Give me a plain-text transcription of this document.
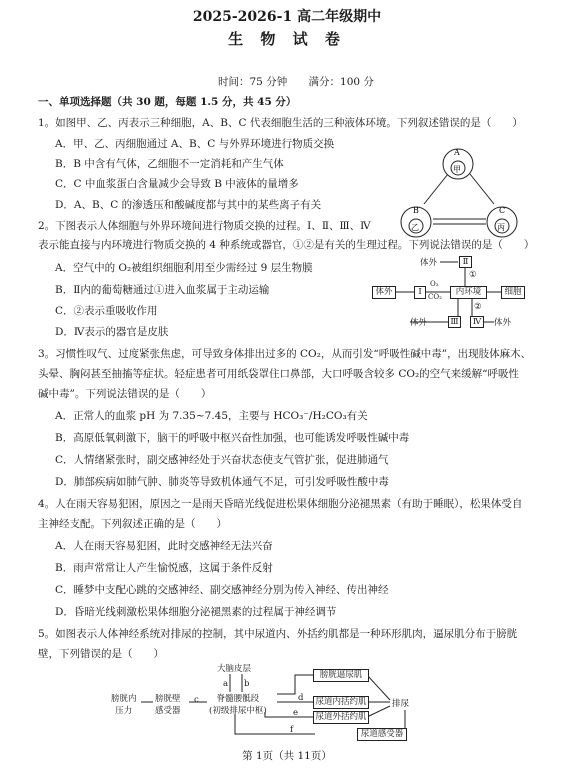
2025-2026-1 高二年级期中
生 物 试 卷
时间：75 分钟 满分：100 分
一、单项选择题（共 30 题，每题 1.5 分，共 45 分）
1。如图甲、乙、丙表示三种细胞，A、B、C 代表细胞生活的三种液体环境。下列叙述错误的是（　　）
A．甲、乙、丙细胞通过 A、B、C 与外界环境进行物质交换
B．B 中含有气体，乙细胞不一定消耗和产生气体
C．C 中血浆蛋白含量减少会导致 B 中液体的量增多
D．A、B、C 的渗透压和酸碱度都与其中的某些离子有关
A
甲
B
乙
C
丙
2。下图表示人体细胞与外界环境间进行物质交换的过程。Ⅰ、Ⅱ、Ⅲ、Ⅳ
表示能直接与内环境进行物质交换的 4 种系统或器官，①②是有关的生理过程。下列说法错误的是（　　）
A．空气中的 O₂被组织细胞利用至少需经过 9 层生物膜
B．Ⅱ内的葡萄糖通过①进入血浆属于主动运输
C．②表示重吸收作用
D．Ⅳ表示的器官是皮肤
体外	Ⅱ
①
体外	Ⅰ
O₂
CO₂	内环境	细胞
②
体外	Ⅲ	Ⅳ	体外
3。习惯性叹气、过度紧张焦虑，可导致身体排出过多的 CO₂，从而引发“呼吸性碱中毒”，出现肢体麻木、
头晕、胸闷甚至抽搐等症状。轻症患者可用纸袋罩住口鼻部，大口呼吸含较多 CO₂的空气来缓解“呼吸性
碱中毒”。下列说法错误的是（　　）
A．正常人的血浆 pH 为 7.35~7.45，主要与 HCO₃⁻/H₂CO₃有关
B．高原低氧刺激下，脑干的呼吸中枢兴奋性加强，也可能诱发呼吸性碱中毒
C．人情绪紧张时，副交感神经处于兴奋状态使支气管扩张，促进肺通气
D．肺部疾病如肺气肿、肺炎等导致机体通气不足，可引发呼吸性酸中毒
4。人在雨天容易犯困，原因之一是雨天昏暗光线促进松果体细胞分泌褪黑素（有助于睡眠），松果体受自
主神经支配。下列叙述正确的是（　　）
A．人在雨天容易犯困，此时交感神经无法兴奋
B．雨声常常让人产生愉悦感，这属于条件反射
C．睡梦中支配心跳的交感神经、副交感神经分别为传入神经、传出神经
D．昏暗光线刺激松果体细胞分泌褪黑素的过程属于神经调节
5。如图表示人体神经系统对排尿的控制，其中尿道内、外括约肌都是一种环形肌肉，逼尿肌分布于膀胱
壁，下列错误的是（　　）
大脑皮层
a b
膀胱内
压力
膀胱壁
感受器
c	脊髓腰骶段
(初级排尿中枢)
d
e
f
膀胱逼尿肌
尿道内括约肌
尿道外括约肌
排尿
尿道感受器
第 1页（共 11页）
